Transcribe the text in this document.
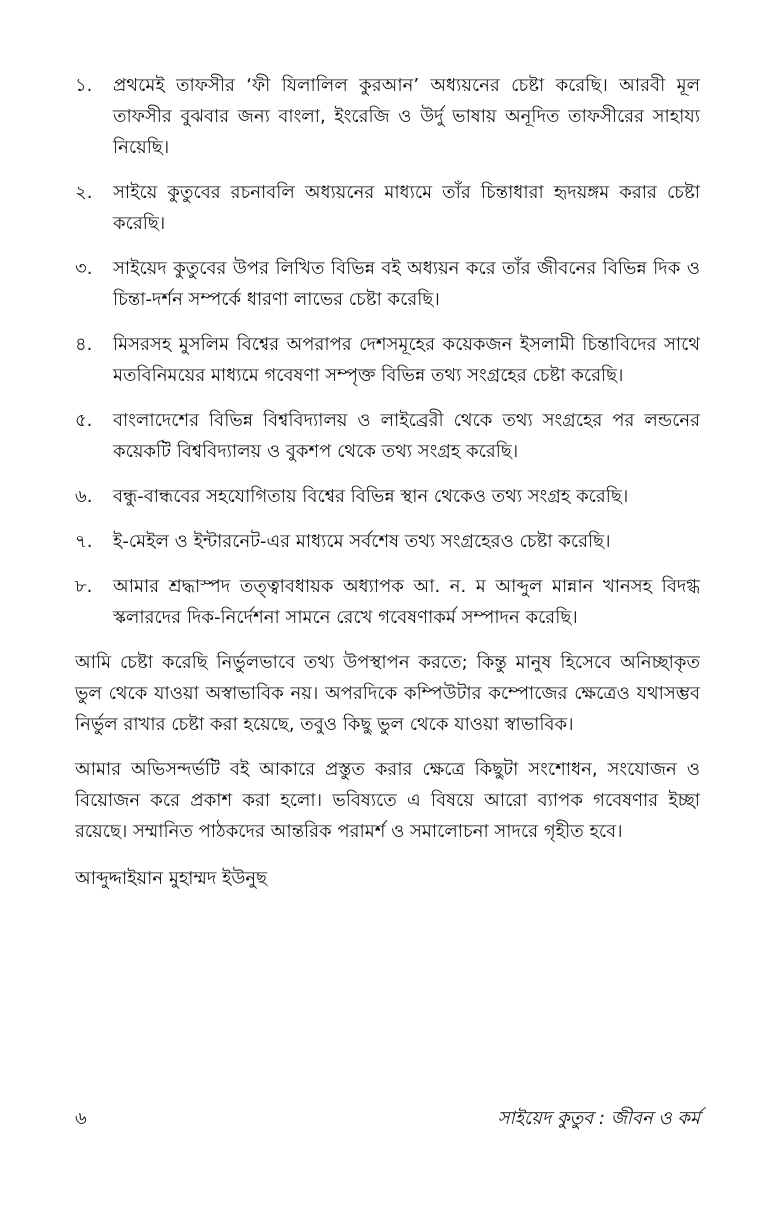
১.	প্রথমেই তাফসীর ‘ফী যিলালিল কুরআন’ অধ্যয়নের চেষ্টা করেছি। আরবী মূল তাফসীর বুঝবার জন্য বাংলা, ইংরেজি ও উর্দু ভাষায় অনূদিত তাফসীরের সাহায্য নিয়েছি।
২.	সাইয়ে কুতুবের রচনাবলি অধ্যয়নের মাধ্যমে তাঁর চিন্তাধারা হৃদয়ঙ্গম করার চেষ্টা করেছি।
৩.	সাইয়েদ কুতুবের উপর লিখিত বিভিন্ন বই অধ্যয়ন করে তাঁর জীবনের বিভিন্ন দিক ও চিন্তা-দর্শন সম্পর্কে ধারণা লাভের চেষ্টা করেছি।
৪.	মিসরসহ মুসলিম বিশ্বের অপরাপর দেশসমূহের কয়েকজন ইসলামী চিন্তাবিদের সাথে মতবিনিময়ের মাধ্যমে গবেষণা সম্পৃক্ত বিভিন্ন তথ্য সংগ্রহের চেষ্টা করেছি।
৫.	বাংলাদেশের বিভিন্ন বিশ্ববিদ্যালয় ও লাইব্রেরী থেকে তথ্য সংগ্রহের পর লন্ডনের কয়েকটি বিশ্ববিদ্যালয় ও বুকশপ থেকে তথ্য সংগ্রহ করেছি।
৬.	বন্ধু-বান্ধবের সহযোগিতায় বিশ্বের বিভিন্ন স্থান থেকেও তথ্য সংগ্রহ করেছি।
৭.	ই-মেইল ও ইন্টারনেট-এর মাধ্যমে সর্বশেষ তথ্য সংগ্রহেরও চেষ্টা করেছি।
৮.	আমার শ্রদ্ধাস্পদ তত্ত্বাবধায়ক অধ্যাপক আ. ন. ম আব্দুল মান্নান খানসহ বিদগ্ধ স্কলারদের দিক-নির্দেশনা সামনে রেখে গবেষণাকর্ম সম্পাদন করেছি।

আমি চেষ্টা করেছি নির্ভুলভাবে তথ্য উপস্থাপন করতে; কিন্তু মানুষ হিসেবে অনিচ্ছাকৃত ভুল থেকে যাওয়া অস্বাভাবিক নয়। অপরদিকে কম্পিউটার কম্পোজের ক্ষেত্রেও যথাসম্ভব নির্ভুল রাখার চেষ্টা করা হয়েছে, তবুও কিছু ভুল থেকে যাওয়া স্বাভাবিক।

আমার অভিসন্দর্ভটি বই আকারে প্রস্তুত করার ক্ষেত্রে কিছুটা সংশোধন, সংযোজন ও বিয়োজন করে প্রকাশ করা হলো। ভবিষ্যতে এ বিষয়ে আরো ব্যাপক গবেষণার ইচ্ছা রয়েছে। সম্মানিত পাঠকদের আন্তরিক পরামর্শ ও সমালোচনা সাদরে গৃহীত হবে।

আব্দুদ্দাইয়ান মুহাম্মদ ইউনুছ
৬	সাইয়েদ কুতুব : জীবন ও কর্ম
